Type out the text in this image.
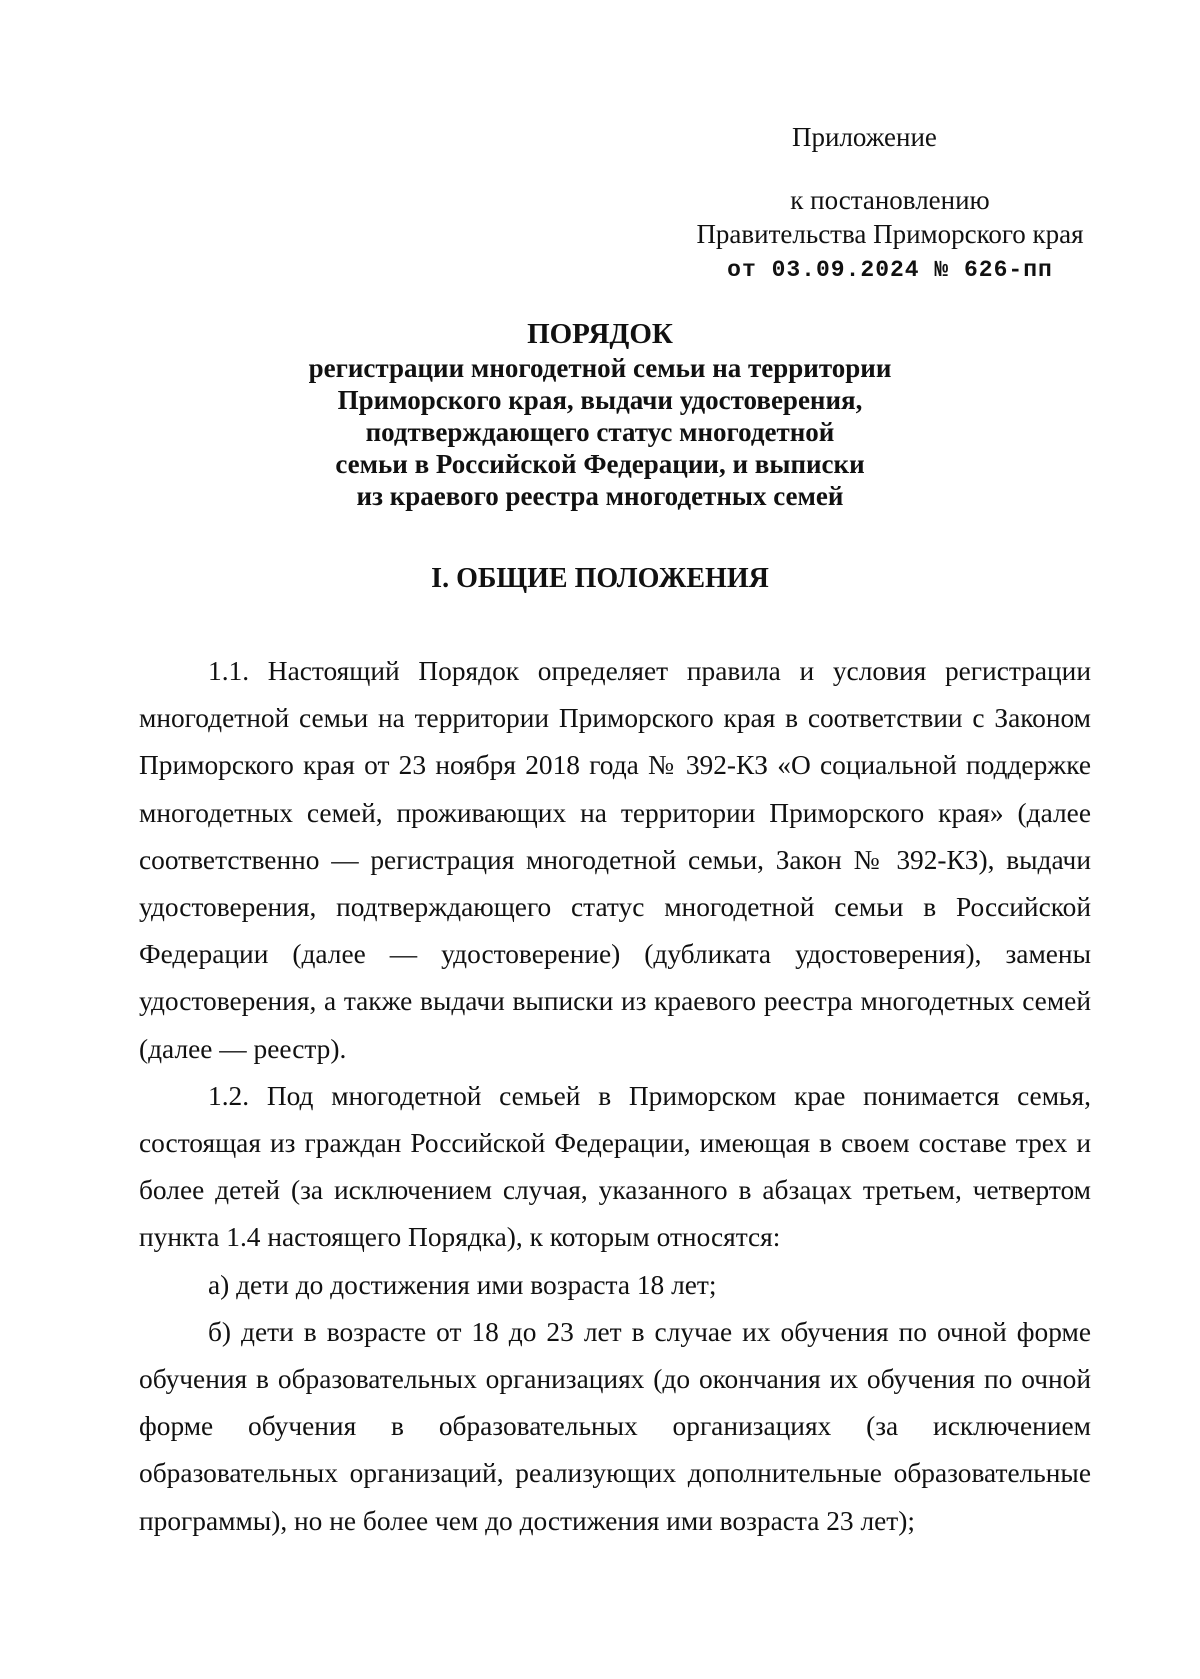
Приложение
к постановлению
Правительства Приморского края
от 03.09.2024 № 626-пп
ПОРЯДОК
регистрации многодетной семьи на территории
Приморского края, выдачи удостоверения,
подтверждающего статус многодетной
семьи в Российской Федерации, и выписки
из краевого реестра многодетных семей
I. ОБЩИЕ ПОЛОЖЕНИЯ

1.1. Настоящий Порядок определяет правила и условия регистрации многодетной семьи на территории Приморского края в соответствии с Законом Приморского края от 23 ноября 2018 года № 392-КЗ «О социальной поддержке многодетных семей, проживающих на территории Приморского края» (далее соответственно — регистрация многодетной семьи, Закон № 392-КЗ), выдачи удостоверения, подтверждающего статус многодетной семьи в Российской Федерации (далее — удостоверение) (дубликата удостоверения), замены удостоверения, а также выдачи выписки из краевого реестра многодетных семей (далее — реестр).

1.2. Под многодетной семьей в Приморском крае понимается семья, состоящая из граждан Российской Федерации, имеющая в своем составе трех и более детей (за исключением случая, указанного в абзацах третьем, четвертом пункта 1.4 настоящего Порядка), к которым относятся:

а) дети до достижения ими возраста 18 лет;

б) дети в возрасте от 18 до 23 лет в случае их обучения по очной форме обучения в образовательных организациях (до окончания их обучения по очной форме обучения в образовательных организациях (за исключением образовательных организаций, реализующих дополнительные образовательные программы), но не более чем до достижения ими возраста 23 лет);
